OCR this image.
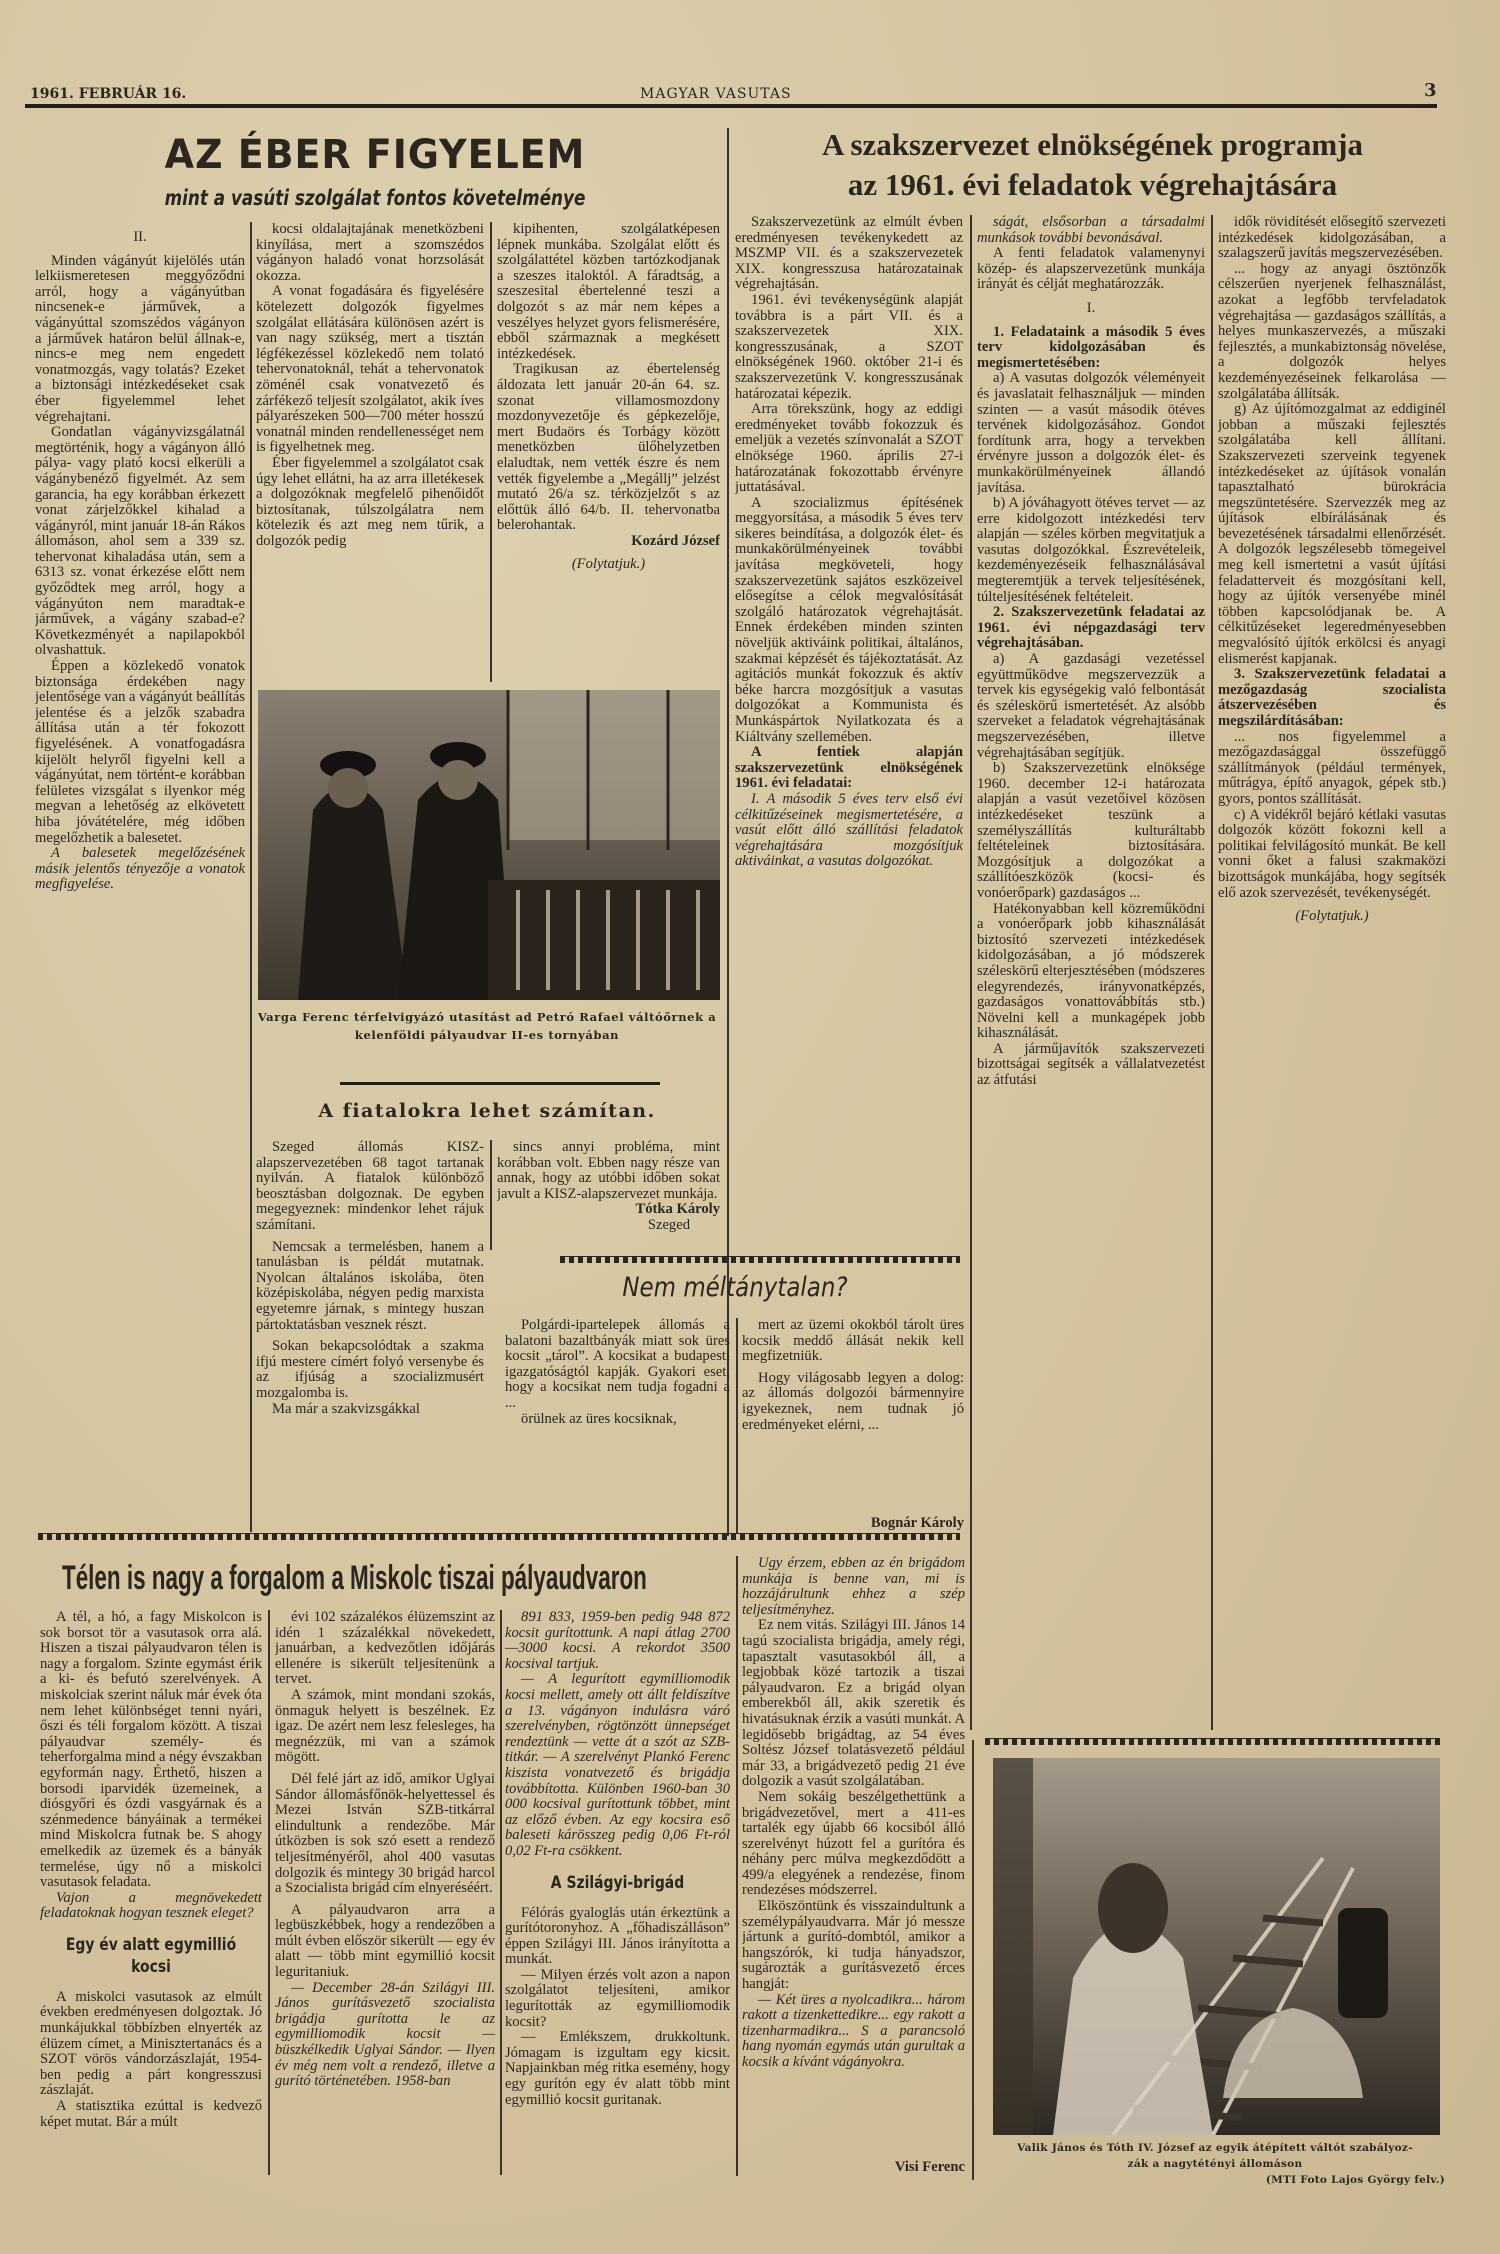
1961. FEBRUÁR 16.	MAGYAR VASUTAS	3
AZ ÉBER FIGYELEM
mint a vasúti szolgálat fontos követelménye

II.

Minden vágányút kijelölés után lelkiismeretesen meggyőződni arról, hogy a vágányútban nincsenek-e járművek, a vágányúttal szomszédos vágányon a járművek határon belül állnak-e, nincs-e meg nem engedett vonatmozgás, vagy tolatás? Ezeket a biztonsági intézkedéseket csak éber figyelemmel lehet végrehajtani.

Gondatlan vágányvizsgálatnál megtörténik, hogy a vágányon álló pálya- vagy plató kocsi elkerüli a vágánybenéző figyelmét. Az sem garancia, ha egy korábban érkezett vonat zárjelzőkkel kihalad a vágányról, mint január 18-án Rákos állomáson, ahol sem a 339 sz. tehervonat kihaladása után, sem a 6313 sz. vonat érkezése előtt nem győződtek meg arról, hogy a vágányúton nem maradtak-e járművek, a vágány szabad-e? Következményét a napilapokból olvashattuk.

Éppen a közlekedő vonatok biztonsága érdekében nagy jelentősége van a vágányút beállítás jelentése és a jelzők szabadra állítása után a tér fokozott figyelésének. A vonatfogadásra kijelölt helyről figyelni kell a vágányútat, nem történt-e korábban felületes vizsgálat s ilyenkor még megvan a lehetőség az elkövetett hiba jóvátételére, még időben megelőzhetik a balesetet.

A balesetek megelőzésének másik jelentős tényezője a vonatok megfigyelése.

kocsi oldalajtajának menetközbeni kinyílása, mert a szomszédos vágányon haladó vonat horzsolását okozza.

A vonat fogadására és figyelésére kötelezett dolgozók figyelmes szolgálat ellátására különösen azért is van nagy szükség, mert a tisztán légfékezéssel közlekedő nem tolató tehervonatoknál, tehát a tehervonatok zöménél csak vonatvezető és zárfékező teljesít szolgálatot, akik íves pályarészeken 500—700 méter hosszú vonatnál minden rendellenességet nem is figyelhetnek meg.

Éber figyelemmel a szolgálatot csak úgy lehet ellátni, ha az arra illetékesek a dolgozóknak megfelelő pihenőidőt biztosítanak, túlszolgálatra nem kötelezik és azt meg nem tűrik, a dolgozók pedig

kipihenten, szolgálatképesen lépnek munkába. Szolgálat előtt és szolgálattétel közben tartózkodjanak a szeszes italoktól. A fáradtság, a szeszesital ébertelenné teszi a dolgozót s az már nem képes a veszélyes helyzet gyors felismerésére, ebből származnak a megkésett intézkedések.

Tragikusan az ébertelenség áldozata lett január 20-án 64. sz. szonat villamosmozdony mozdonyvezetője és gépkezelője, mert Budaörs és Torbágy között menetközben ülőhelyzetben elaludtak, nem vették észre és nem vették figyelembe a „Megállj” jelzést mutató 26/a sz. térközjelzőt s az előttük álló 64/b. II. tehervonatba belerohantak.

Kozárd József

(Folytatjuk.)

Varga Ferenc térfelvigyázó utasítást ad Petró Rafael váltóőrnek a
kelenföldi pályaudvar II-es tornyában
A fiatalokra lehet számítan.

Szeged állomás KISZ-alapszervezetében 68 tagot tartanak nyilván. A fiatalok különböző beosztásban dolgoznak. De egyben megegyeznek: mindenkor lehet rájuk számítani.

Nemcsak a termelésben, hanem a tanulásban is példát mutatnak. Nyolcan általános iskolába, öten középiskolába, négyen pedig marxista egyetemre járnak, s mintegy huszan pártoktatásban vesznek részt.

Sokan bekapcsolódtak a szakma ifjú mestere címért folyó versenybe és az ifjúság a szocializmusért mozgalomba is.

Ma már a szakvizsgákkal

sincs annyi probléma, mint korábban volt. Ebben nagy része van annak, hogy az utóbbi időben sokat javult a KISZ-alapszervezet munkája.

Tótka Károly

Szeged

Nem méltánytalan?

Polgárdi-ipartelepek állomás a balatoni bazaltbányák miatt sok üres kocsit „tárol”. A kocsikat a budapesti igazgatóságtól kapják. Gyakori eset, hogy a kocsikat nem tudja fogadni a ...

örülnek az üres kocsiknak,

mert az üzemi okokból tárolt üres kocsik meddő állását nekik kell megfizetniük.

Hogy világosabb legyen a dolog: az állomás dolgozói bármennyire igyekeznek, nem tudnak jó eredményeket elérni, ...

Bognár Károly

A szakszervezet elnökségének programja
az 1961. évi feladatok végrehajtására

Szakszervezetünk az elmúlt évben eredményesen tevékenykedett az MSZMP VII. és a szakszervezetek XIX. kongresszusa határozatainak végrehajtásán.

1961. évi tevékenységünk alapját továbbra is a párt VII. és a szakszervezetek XIX. kongresszusának, a SZOT elnökségének 1960. október 21-i és szakszervezetünk V. kongresszusának határozatai képezik.

Arra törekszünk, hogy az eddigi eredményeket tovább fokozzuk és emeljük a vezetés színvonalát a SZOT elnöksége 1960. április 27-i határozatának fokozottabb érvényre juttatásával.

A szocializmus építésének meggyorsítása, a második 5 éves terv sikeres beindítása, a dolgozók élet- és munkakörülményeinek további javítása megköveteli, hogy szakszervezetünk sajátos eszközeivel elősegítse a célok megvalósítását szolgáló határozatok végrehajtását. Ennek érdekében minden szinten növeljük aktiváink politikai, általános, szakmai képzését és tájékoztatását. Az agitációs munkát fokozzuk és aktív béke harcra mozgósítjuk a vasutas dolgozókat a Kommunista és Munkáspártok Nyilatkozata és a Kiáltvány szellemében.

A fentiek alapján szakszervezetünk elnökségének 1961. évi feladatai:

I. A második 5 éves terv első évi célkitűzéseinek megismertetésére, a vasút előtt álló szállítási feladatok végrehajtására mozgósítjuk aktiváinkat, a vasutas dolgozókat.

ságát, elsősorban a társadalmi munkások további bevonásával.

A fenti feladatok valamenynyi közép- és alapszervezetünk munkája irányát és célját meghatározzák.

I.

1. Feladataink a második 5 éves terv kidolgozásában és megismertetésében:

a) A vasutas dolgozók véleményeit és javaslatait felhasználjuk — minden szinten — a vasút második ötéves tervének kidolgozásához. Gondot fordítunk arra, hogy a tervekben érvényre jusson a dolgozók élet- és munkakörülményeinek állandó javítása.

b) A jóváhagyott ötéves tervet — az erre kidolgozott intézkedési terv alapján — széles körben megvitatjuk a vasutas dolgozókkal. Észrevételeik, kezdeményezéseik felhasználásával megteremtjük a tervek teljesítésének, túlteljesítésének feltételeit.

2. Szakszervezetünk feladatai az 1961. évi népgazdasági terv végrehajtásában.

a) A gazdasági vezetéssel együttműködve megszervezzük a tervek kis egységekig való felbontását és széleskörű ismertetését. Az alsóbb szerveket a feladatok végrehajtásának megszervezésében, illetve végrehajtásában segítjük.

b) Szakszervezetünk elnöksége 1960. december 12-i határozata alapján a vasút vezetőivel közösen intézkedéseket teszünk a személyszállítás kulturáltabb feltételeinek biztosítására. Mozgósítjuk a dolgozókat a szállítóeszközök (kocsi- és vonóerőpark) gazdaságos ...

Hatékonyabban kell közreműködni a vonóerőpark jobb kihasználását biztosító szervezeti intézkedések kidolgozásában, a jó módszerek széleskörű elterjesztésében (módszeres elegyrendezés, irányvonatképzés, gazdaságos vonattovábbítás stb.) Növelni kell a munkagépek jobb kihasználását.

A járműjavítók szakszervezeti bizottságai segítsék a vállalatvezetést az átfutási

idők rövidítését elősegítő szervezeti intézkedések kidolgozásában, a szalagszerű javítás megszervezésében.

... hogy az anyagi ösztönzők célszerűen nyerjenek felhasználást, azokat a legfőbb tervfeladatok végrehajtása — gazdaságos szállítás, a helyes munkaszervezés, a műszaki fejlesztés, a munkabiztonság növelése, a dolgozók helyes kezdeményezéseinek felkarolása — szolgálatába állítsák.

g) Az újítómozgalmat az eddiginél jobban a műszaki fejlesztés szolgálatába kell állítani. Szakszervezeti szerveink tegyenek intézkedéseket az újítások vonalán tapasztalható bürokrácia megszüntetésére. Szervezzék meg az újítások elbírálásának és bevezetésének társadalmi ellenőrzését. A dolgozók legszélesebb tömegeivel meg kell ismertetni a vasút újítási feladatterveit és mozgósítani kell, hogy az újítók versenyébe minél többen kapcsolódjanak be. A célkitűzéseket legeredményesebben megvalósító újítók erkölcsi és anyagi elismerést kapjanak.

3. Szakszervezetünk feladatai a mezőgazdaság szocialista átszervezésében és megszilárdításában:

... nos figyelemmel a mezőgazdasággal összefüggő szállítmányok (például termények, műtrágya, építő anyagok, gépek stb.) gyors, pontos szállítását.

c) A vidékről bejáró kétlaki vasutas dolgozók között fokozni kell a politikai felvilágosító munkát. Be kell vonni őket a falusi szakmaközi bizottságok munkájába, hogy segítsék elő azok szervezését, tevékenységét.

(Folytatjuk.)

Télen is nagy a forgalom a Miskolc tiszai pályaudvaron

A tél, a hó, a fagy Miskolcon is sok borsot tör a vasutasok orra alá. Hiszen a tiszai pályaudvaron télen is nagy a forgalom. Szinte egymást érik a ki- és befutó szerelvények. A miskolciak szerint náluk már évek óta nem lehet különbséget tenni nyári, őszi és téli forgalom között. A tiszai pályaudvar személy- és teherforgalma mind a négy évszakban egyformán nagy. Érthető, hiszen a borsodi iparvidék üzemeinek, a diósgyőri és ózdi vasgyárnak és a szénmedence bányáinak a termékei mind Miskolcra futnak be. S ahogy emelkedik az üzemek és a bányák termelése, úgy nő a miskolci vasutasok feladata.

Vajon a megnövekedett feladatoknak hogyan tesznek eleget?

Egy év alatt egymillió kocsi

A miskolci vasutasok az elmúlt években eredményesen dolgoztak. Jó munkájukkal többízben elnyerték az élüzem címet, a Minisztertanács és a SZOT vörös vándorzászlaját, 1954-ben pedig a párt kongresszusi zászlaját.

A statisztika ezúttal is kedvező képet mutat. Bár a múlt

évi 102 százalékos élüzemszint az idén 1 százalékkal növekedett, januárban, a kedvezőtlen időjárás ellenére is sikerült teljesítenünk a tervet.

A számok, mint mondani szokás, önmaguk helyett is beszélnek. Ez igaz. De azért nem lesz felesleges, ha megnézzük, mi van a számok mögött.

Dél felé járt az idő, amikor Uglyai Sándor állomásfőnök-helyettessel és Mezei István SZB-titkárral elindultunk a rendezőbe. Már útközben is sok szó esett a rendező teljesítményéről, ahol 400 vasutas dolgozik és mintegy 30 brigád harcol a Szocialista brigád cím elnyeréséért.

A pályaudvaron arra a legbüszkébbek, hogy a rendezőben a múlt évben először sikerült — egy év alatt — több mint egymillió kocsit leguritaniuk.

— December 28-án Szilágyi III. János gurításvezető szocialista brigádja gurította le az egymilliomodik kocsit — büszkélkedik Uglyai Sándor. — Ilyen év még nem volt a rendező, illetve a gurító történetében. 1958-ban

891 833, 1959-ben pedig 948 872 kocsit gurítottunk. A napi átlag 2700—3000 kocsi. A rekordot 3500 kocsival tartjuk.

— A legurított egymilliomodik kocsi mellett, amely ott állt feldíszítve a 13. vágányon indulásra váró szerelvényben, rögtönzött ünnepséget rendeztünk — vette át a szót az SZB-titkár. — A szerelvényt Plankó Ferenc kiszista vonatvezető és brigádja továbbította. Különben 1960-ban 30 000 kocsival gurítottunk többet, mint az előző évben. Az egy kocsira eső baleseti kárösszeg pedig 0,06 Ft-ról 0,02 Ft-ra csökkent.

A Szilágyi-brigád

Félórás gyaloglás után érkeztünk a gurítótoronyhoz. A „főhadiszálláson” éppen Szilágyi III. János irányította a munkát.

— Milyen érzés volt azon a napon szolgálatot teljesíteni, amikor legurították az egymilliomodik kocsit?

— Emlékszem, drukkoltunk. Jómagam is izgultam egy kicsit. Napjainkban még ritka esemény, hogy egy gurítón egy év alatt több mint egymillió kocsit guritanak.

Ugy érzem, ebben az én brigádom munkája is benne van, mi is hozzájárultunk ehhez a szép teljesítményhez.

Ez nem vitás. Szilágyi III. János 14 tagú szocialista brigádja, amely régi, tapasztalt vasutasokból áll, a legjobbak közé tartozik a tiszai pályaudvaron. Ez a brigád olyan emberekből áll, akik szeretik és hivatásuknak érzik a vasúti munkát. A legidősebb brigádtag, az 54 éves Soltész József tolatásvezető például már 33, a brigádvezető pedig 21 éve dolgozik a vasút szolgálatában.

Nem sokáig beszélgethettünk a brigádvezetővel, mert a 411-es tartalék egy újabb 66 kocsiból álló szerelvényt húzott fel a gurítóra és néhány perc múlva megkezdődött a 499/a elegyének a rendezése, finom rendezéses módszerrel.

Elköszöntünk és visszaindultunk a személypályaudvarra. Már jó messze jártunk a gurító-dombtól, amikor a hangszórók, ki tudja hányadszor, sugározták a gurításvezető érces hangját:

— Két üres a nyolcadikra... három rakott a tizenkettedikre... egy rakott a tizenharmadikra... S a parancsoló hang nyomán egymás után gurultak a kocsik a kívánt vágányokra.

Visi Ferenc

Valik János és Tóth IV. József az egyik átépített váltót szabályoz-
zák a nagytétényi állomáson
(MTI Foto Lajos György felv.)
